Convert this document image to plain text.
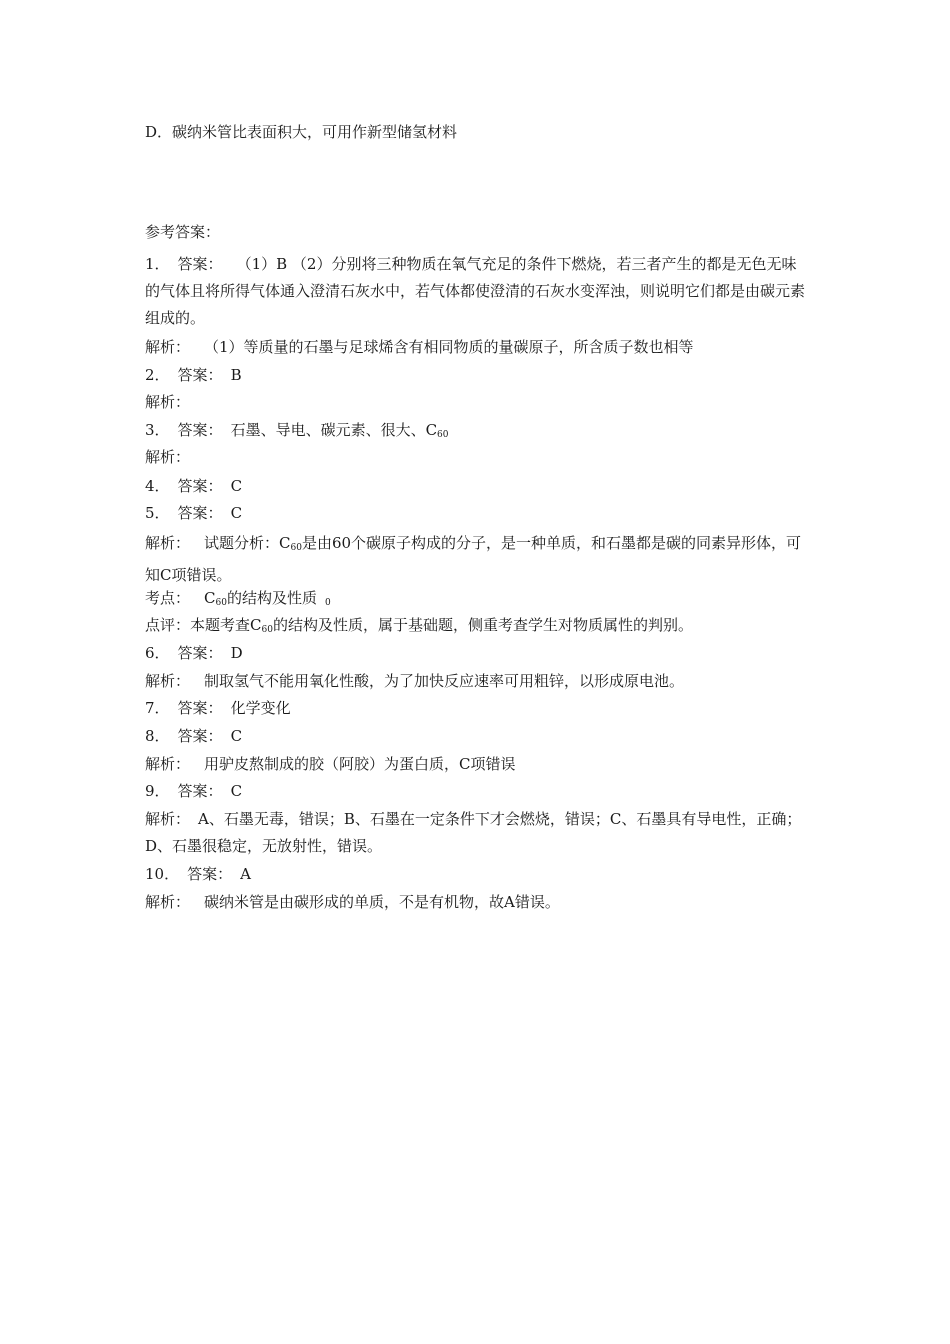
D．碳纳米管比表面积大，可用作新型储氢材料
参考答案：
1． 答案： （1）B （2）分别将三种物质在氧气充足的条件下燃烧，若三者产生的都是无色无味的气体且将所得气体通入澄清石灰水中，若气体都使澄清的石灰水变浑浊，则说明它们都是由碳元素组成的。
解析： （1）等质量的石墨与足球烯含有相同物质的量碳原子，所含质子数也相等
2． 答案： B
解析：
3． 答案： 石墨、导电、碳元素、很大、$C_{60}$
解析：
4． 答案： C
5． 答案： C
解析： 试题分析：$C_{60}$是由60个碳原子构成的分子，是一种单质，和石墨都是碳的同素异形体，可知C项错误。
考点： $C_{60}$的结构及性质 $_0$
点评：本题考查$C_{60}$的结构及性质，属于基础题，侧重考查学生对物质属性的判别。
6． 答案： D
解析： 制取氢气不能用氧化性酸，为了加快反应速率可用粗锌，以形成原电池。
7． 答案： 化学变化
8． 答案： C
解析： 用驴皮熬制成的胶（阿胶）为蛋白质，C项错误
9． 答案： C
解析： A、石墨无毒，错误；B、石墨在一定条件下才会燃烧，错误；C、石墨具有导电性，正确；D、石墨很稳定，无放射性，错误。
10． 答案： A
解析： 碳纳米管是由碳形成的单质，不是有机物，故A错误。
